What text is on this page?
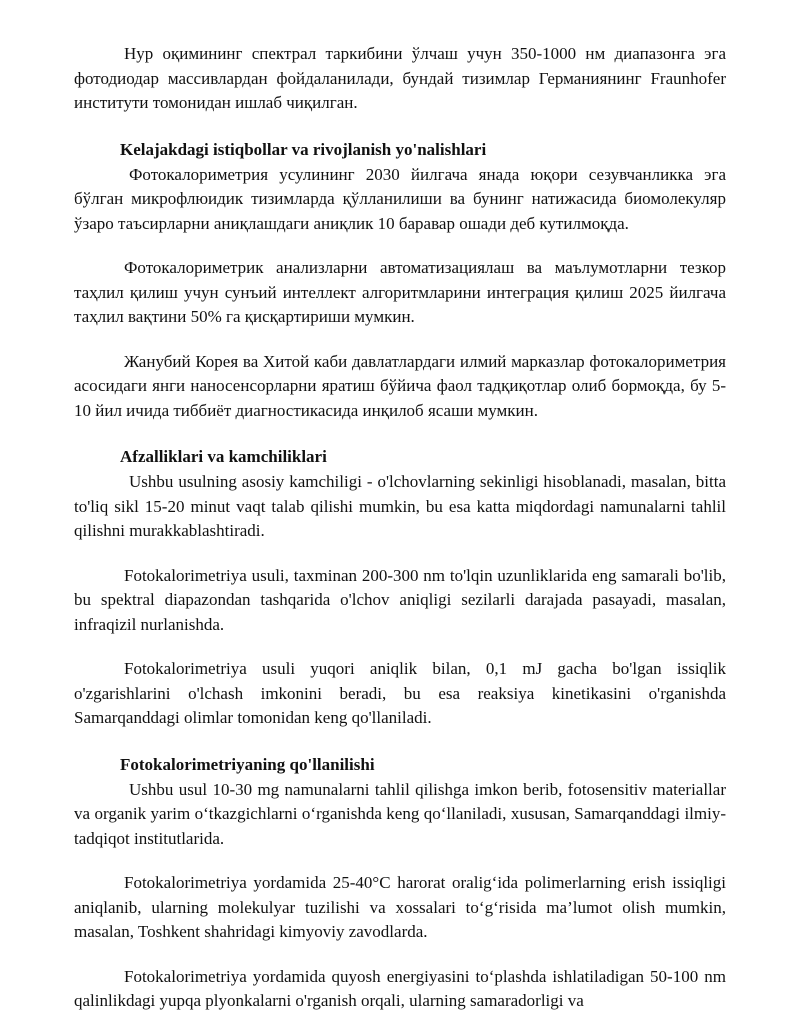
Нур оқимининг спектрал таркибини ўлчаш учун 350-1000 нм диапазонга эга фотодиодар массивлардан фойдаланилади, бундай тизимлар Германиянинг Fraunhofer институти томонидан ишлаб чиқилган.

Kelajakdagi istiqbollar va rivojlanish yo'nalishlari

Фотокалориметрия усулининг 2030 йилгача янада юқори сезувчанликка эга бўлган микрофлюидик тизимларда қўлланилиши ва бунинг натижасида биомолекуляр ўзаро таъсирларни аниқлашдаги аниқлик 10 баравар ошади деб кутилмоқда.

Фотокалориметрик анализларни автоматизациялаш ва маълумотларни тезкор таҳлил қилиш учун сунъий интеллект алгоритмларини интеграция қилиш 2025 йилгача таҳлил вақтини 50% га қисқартириши мумкин.

Жанубий Корея ва Хитой каби давлатлардаги илмий марказлар фотокалориметрия асосидаги янги наносенсорларни яратиш бўйича фаол тадқиқотлар олиб бормоқда, бу 5-10 йил ичида тиббиёт диагностикасида инқилоб ясаши мумкин.

Afzalliklari va kamchiliklari

Ushbu usulning asosiy kamchiligi - o'lchovlarning sekinligi hisoblanadi, masalan, bitta to'liq sikl 15-20 minut vaqt talab qilishi mumkin, bu esa katta miqdordagi namunalarni tahlil qilishni murakkablashtiradi.

Fotokalorimetriya usuli, taxminan 200-300 nm to'lqin uzunliklarida eng samarali bo'lib, bu spektral diapazondan tashqarida o'lchov aniqligi sezilarli darajada pasayadi, masalan, infraqizil nurlanishda.

Fotokalorimetriya usuli yuqori aniqlik bilan, 0,1 mJ gacha bo'lgan issiqlik o'zgarishlarini o'lchash imkonini beradi, bu esa reaksiya kinetikasini o'rganishda Samarqanddagi olimlar tomonidan keng qo'llaniladi.

Fotokalorimetriyaning qo'llanilishi

Ushbu usul 10-30 mg namunalarni tahlil qilishga imkon berib, fotosensitiv materiallar va organik yarim o‘tkazgichlarni o‘rganishda keng qo‘llaniladi, xususan, Samarqanddagi ilmiy-tadqiqot institutlarida.

Fotokalorimetriya yordamida 25-40°C harorat oralig‘ida polimerlarning erish issiqligi aniqlanib, ularning molekulyar tuzilishi va xossalari to‘g‘risida ma’lumot olish mumkin, masalan, Toshkent shahridagi kimyoviy zavodlarda.

Fotokalorimetriya yordamida quyosh energiyasini to‘plashda ishlatiladigan 50-100 nm qalinlikdagi yupqa plyonkalarni o'rganish orqali, ularning samaradorligi va
